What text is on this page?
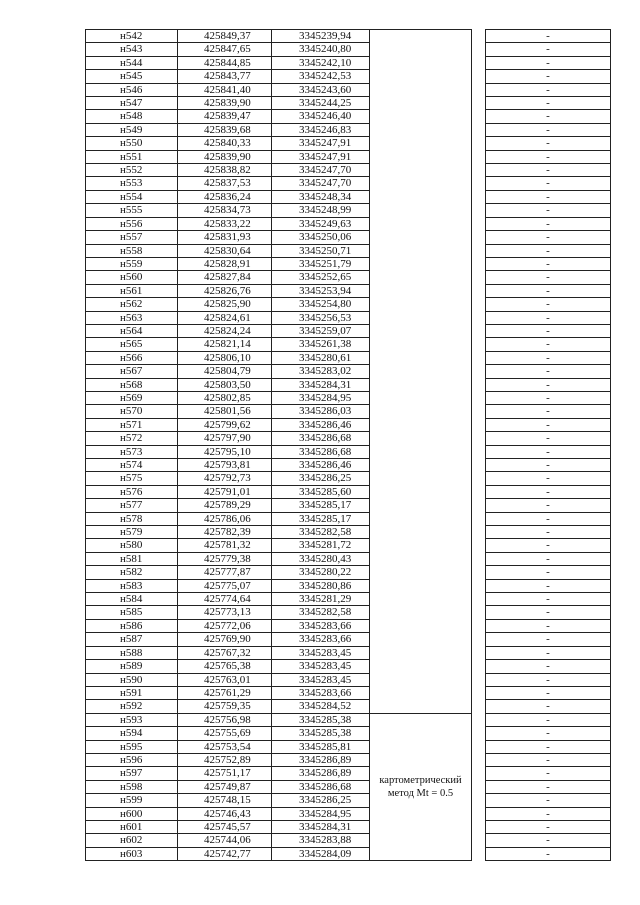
н542	425849,37	3345239,94			-
н543	425847,65	3345240,80			-
н544	425844,85	3345242,10			-
н545	425843,77	3345242,53			-
н546	425841,40	3345243,60			-
н547	425839,90	3345244,25			-
н548	425839,47	3345246,40			-
н549	425839,68	3345246,83			-
н550	425840,33	3345247,91			-
н551	425839,90	3345247,91			-
н552	425838,82	3345247,70			-
н553	425837,53	3345247,70			-
н554	425836,24	3345248,34			-
н555	425834,73	3345248,99			-
н556	425833,22	3345249,63			-
н557	425831,93	3345250,06			-
н558	425830,64	3345250,71			-
н559	425828,91	3345251,79			-
н560	425827,84	3345252,65			-
н561	425826,76	3345253,94			-
н562	425825,90	3345254,80			-
н563	425824,61	3345256,53			-
н564	425824,24	3345259,07			-
н565	425821,14	3345261,38			-
н566	425806,10	3345280,61			-
н567	425804,79	3345283,02			-
н568	425803,50	3345284,31			-
н569	425802,85	3345284,95			-
н570	425801,56	3345286,03			-
н571	425799,62	3345286,46			-
н572	425797,90	3345286,68			-
н573	425795,10	3345286,68			-
н574	425793,81	3345286,46			-
н575	425792,73	3345286,25			-
н576	425791,01	3345285,60			-
н577	425789,29	3345285,17			-
н578	425786,06	3345285,17			-
н579	425782,39	3345282,58			-
н580	425781,32	3345281,72			-
н581	425779,38	3345280,43			-
н582	425777,87	3345280,22			-
н583	425775,07	3345280,86			-
н584	425774,64	3345281,29			-
н585	425773,13	3345282,58			-
н586	425772,06	3345283,66			-
н587	425769,90	3345283,66			-
н588	425767,32	3345283,45			-
н589	425765,38	3345283,45			-
н590	425763,01	3345283,45			-
н591	425761,29	3345283,66			-
н592	425759,35	3345284,52			-
н593	425756,98	3345285,38	картометрический
метод Mt = 0.5		-
н594	425755,69	3345285,38			-
н595	425753,54	3345285,81			-
н596	425752,89	3345286,89			-
н597	425751,17	3345286,89			-
н598	425749,87	3345286,68			-
н599	425748,15	3345286,25			-
н600	425746,43	3345284,95			-
н601	425745,57	3345284,31			-
н602	425744,06	3345283,88			-
н603	425742,77	3345284,09			-
